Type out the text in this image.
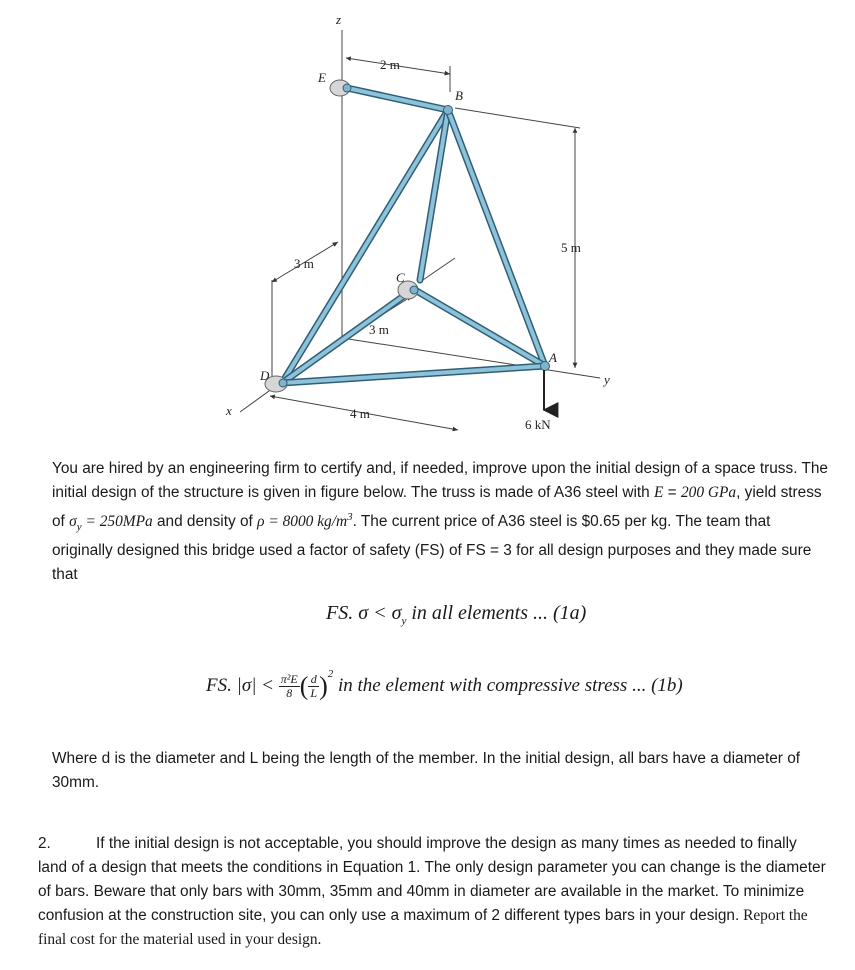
z
x
y
E
B
C
D
A
2 m
5 m
3 m
3 m
4 m
6 kN

You are hired by an engineering firm to certify and, if needed, improve upon the initial design of a space truss. The initial design of the structure is given in figure below. The truss is made of A36 steel with E = 200 GPa, yield stress of $\sigma_y = 250MPa$ and density of ρ = 8000 $kg/m^3$. The current price of A36 steel is $0.65 per kg. The team that originally designed this bridge used a factor of safety (FS) of FS = 3 for all design purposes and they made sure that

FS. $\sigma < \sigma_y$ in all elements ... (1a)
FS. $|\sigma| < \frac{\text{π²E}}{8}$ ( $\frac{d}{L} )^2$ in the element with compressive stress ... (1b)

Where d is the diameter and L being the length of the member. In the initial design, all bars have a diameter of 30mm.

2.	If the initial design is not acceptable, you should improve the design as many times as needed to finally land of a design that meets the conditions in Equation 1. The only design parameter you can change is the diameter of bars. Beware that only bars with 30mm, 35mm and 40mm in diameter are available in the market. To minimize confusion at the construction site, you can only use a maximum of 2 different types bars in your design. Report the final cost for the material used in your design.
